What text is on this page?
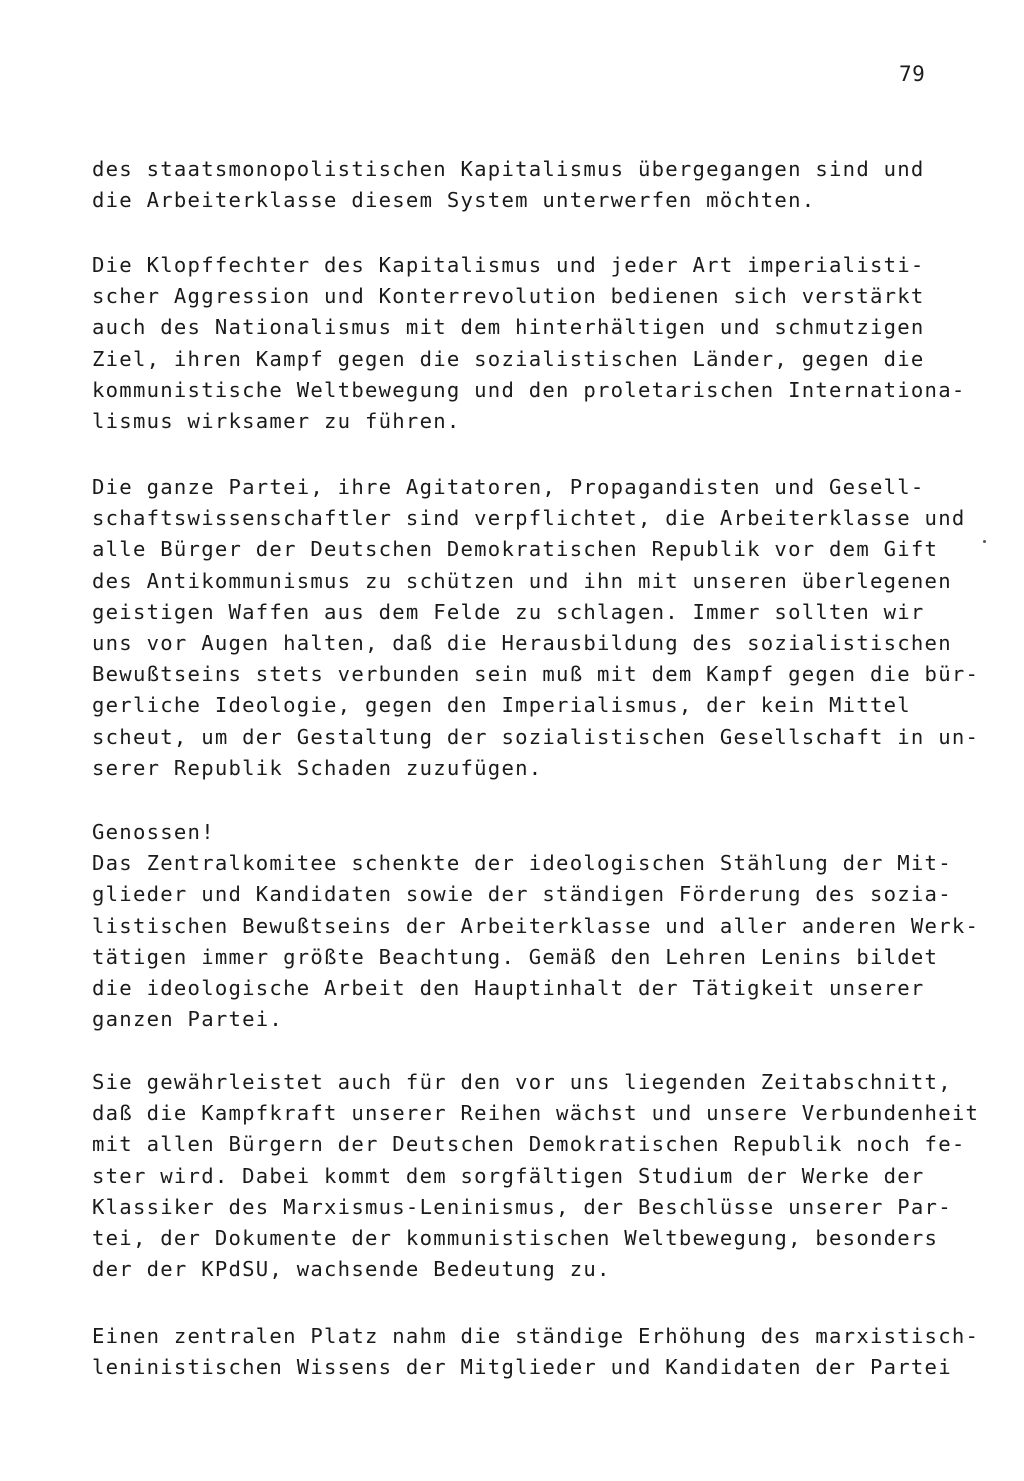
79

des staatsmonopolistischen Kapitalismus übergegangen sind und
die Arbeiterklasse diesem System unterwerfen möchten.

Die Klopffechter des Kapitalismus und jeder Art imperialisti-
scher Aggression und Konterrevolution bedienen sich verstärkt
auch des Nationalismus mit dem hinterhältigen und schmutzigen
Ziel, ihren Kampf gegen die sozialistischen Länder, gegen die
kommunistische Weltbewegung und den proletarischen Internationa-
lismus wirksamer zu führen.

Die ganze Partei, ihre Agitatoren, Propagandisten und Gesell-
schaftswissenschaftler sind verpflichtet, die Arbeiterklasse und
alle Bürger der Deutschen Demokratischen Republik vor dem Gift
des Antikommunismus zu schützen und ihn mit unseren überlegenen
geistigen Waffen aus dem Felde zu schlagen. Immer sollten wir
uns vor Augen halten, daß die Herausbildung des sozialistischen
Bewußtseins stets verbunden sein muß mit dem Kampf gegen die bür-
gerliche Ideologie, gegen den Imperialismus, der kein Mittel
scheut, um der Gestaltung der sozialistischen Gesellschaft in un-
serer Republik Schaden zuzufügen.

Genossen!
Das Zentralkomitee schenkte der ideologischen Stählung der Mit-
glieder und Kandidaten sowie der ständigen Förderung des sozia-
listischen Bewußtseins der Arbeiterklasse und aller anderen Werk-
tätigen immer größte Beachtung. Gemäß den Lehren Lenins bildet
die ideologische Arbeit den Hauptinhalt der Tätigkeit unserer
ganzen Partei.

Sie gewährleistet auch für den vor uns liegenden Zeitabschnitt,
daß die Kampfkraft unserer Reihen wächst und unsere Verbundenheit
mit allen Bürgern der Deutschen Demokratischen Republik noch fe-
ster wird. Dabei kommt dem sorgfältigen Studium der Werke der
Klassiker des Marxismus-Leninismus, der Beschlüsse unserer Par-
tei, der Dokumente der kommunistischen Weltbewegung, besonders
der der KPdSU, wachsende Bedeutung zu.

Einen zentralen Platz nahm die ständige Erhöhung des marxistisch-
leninistischen Wissens der Mitglieder und Kandidaten der Partei
